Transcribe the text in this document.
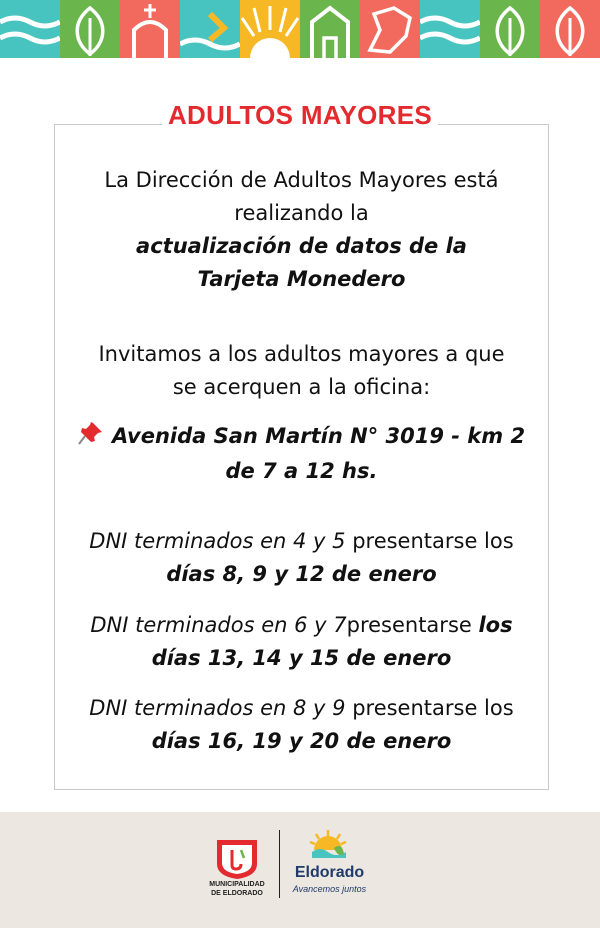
ADULTOS MAYORES
La Dirección de Adultos Mayores está
realizando la
actualización de datos de la
Tarjeta Monedero
Invitamos a los adultos mayores a que
se acerquen a la oficina:
Avenida San Martín N° 3019 - km 2
de 7 a 12 hs.
DNI terminados en 4 y 5 presentarse los
días 8, 9 y 12 de enero
DNI terminados en 6 y 7presentarse los
días 13, 14 y 15 de enero
DNI terminados en 8 y 9 presentarse los
días 16, 19 y 20 de enero
MUNICIPALIDAD
DE ELDORADO
Eldorado
Avancemos juntos
